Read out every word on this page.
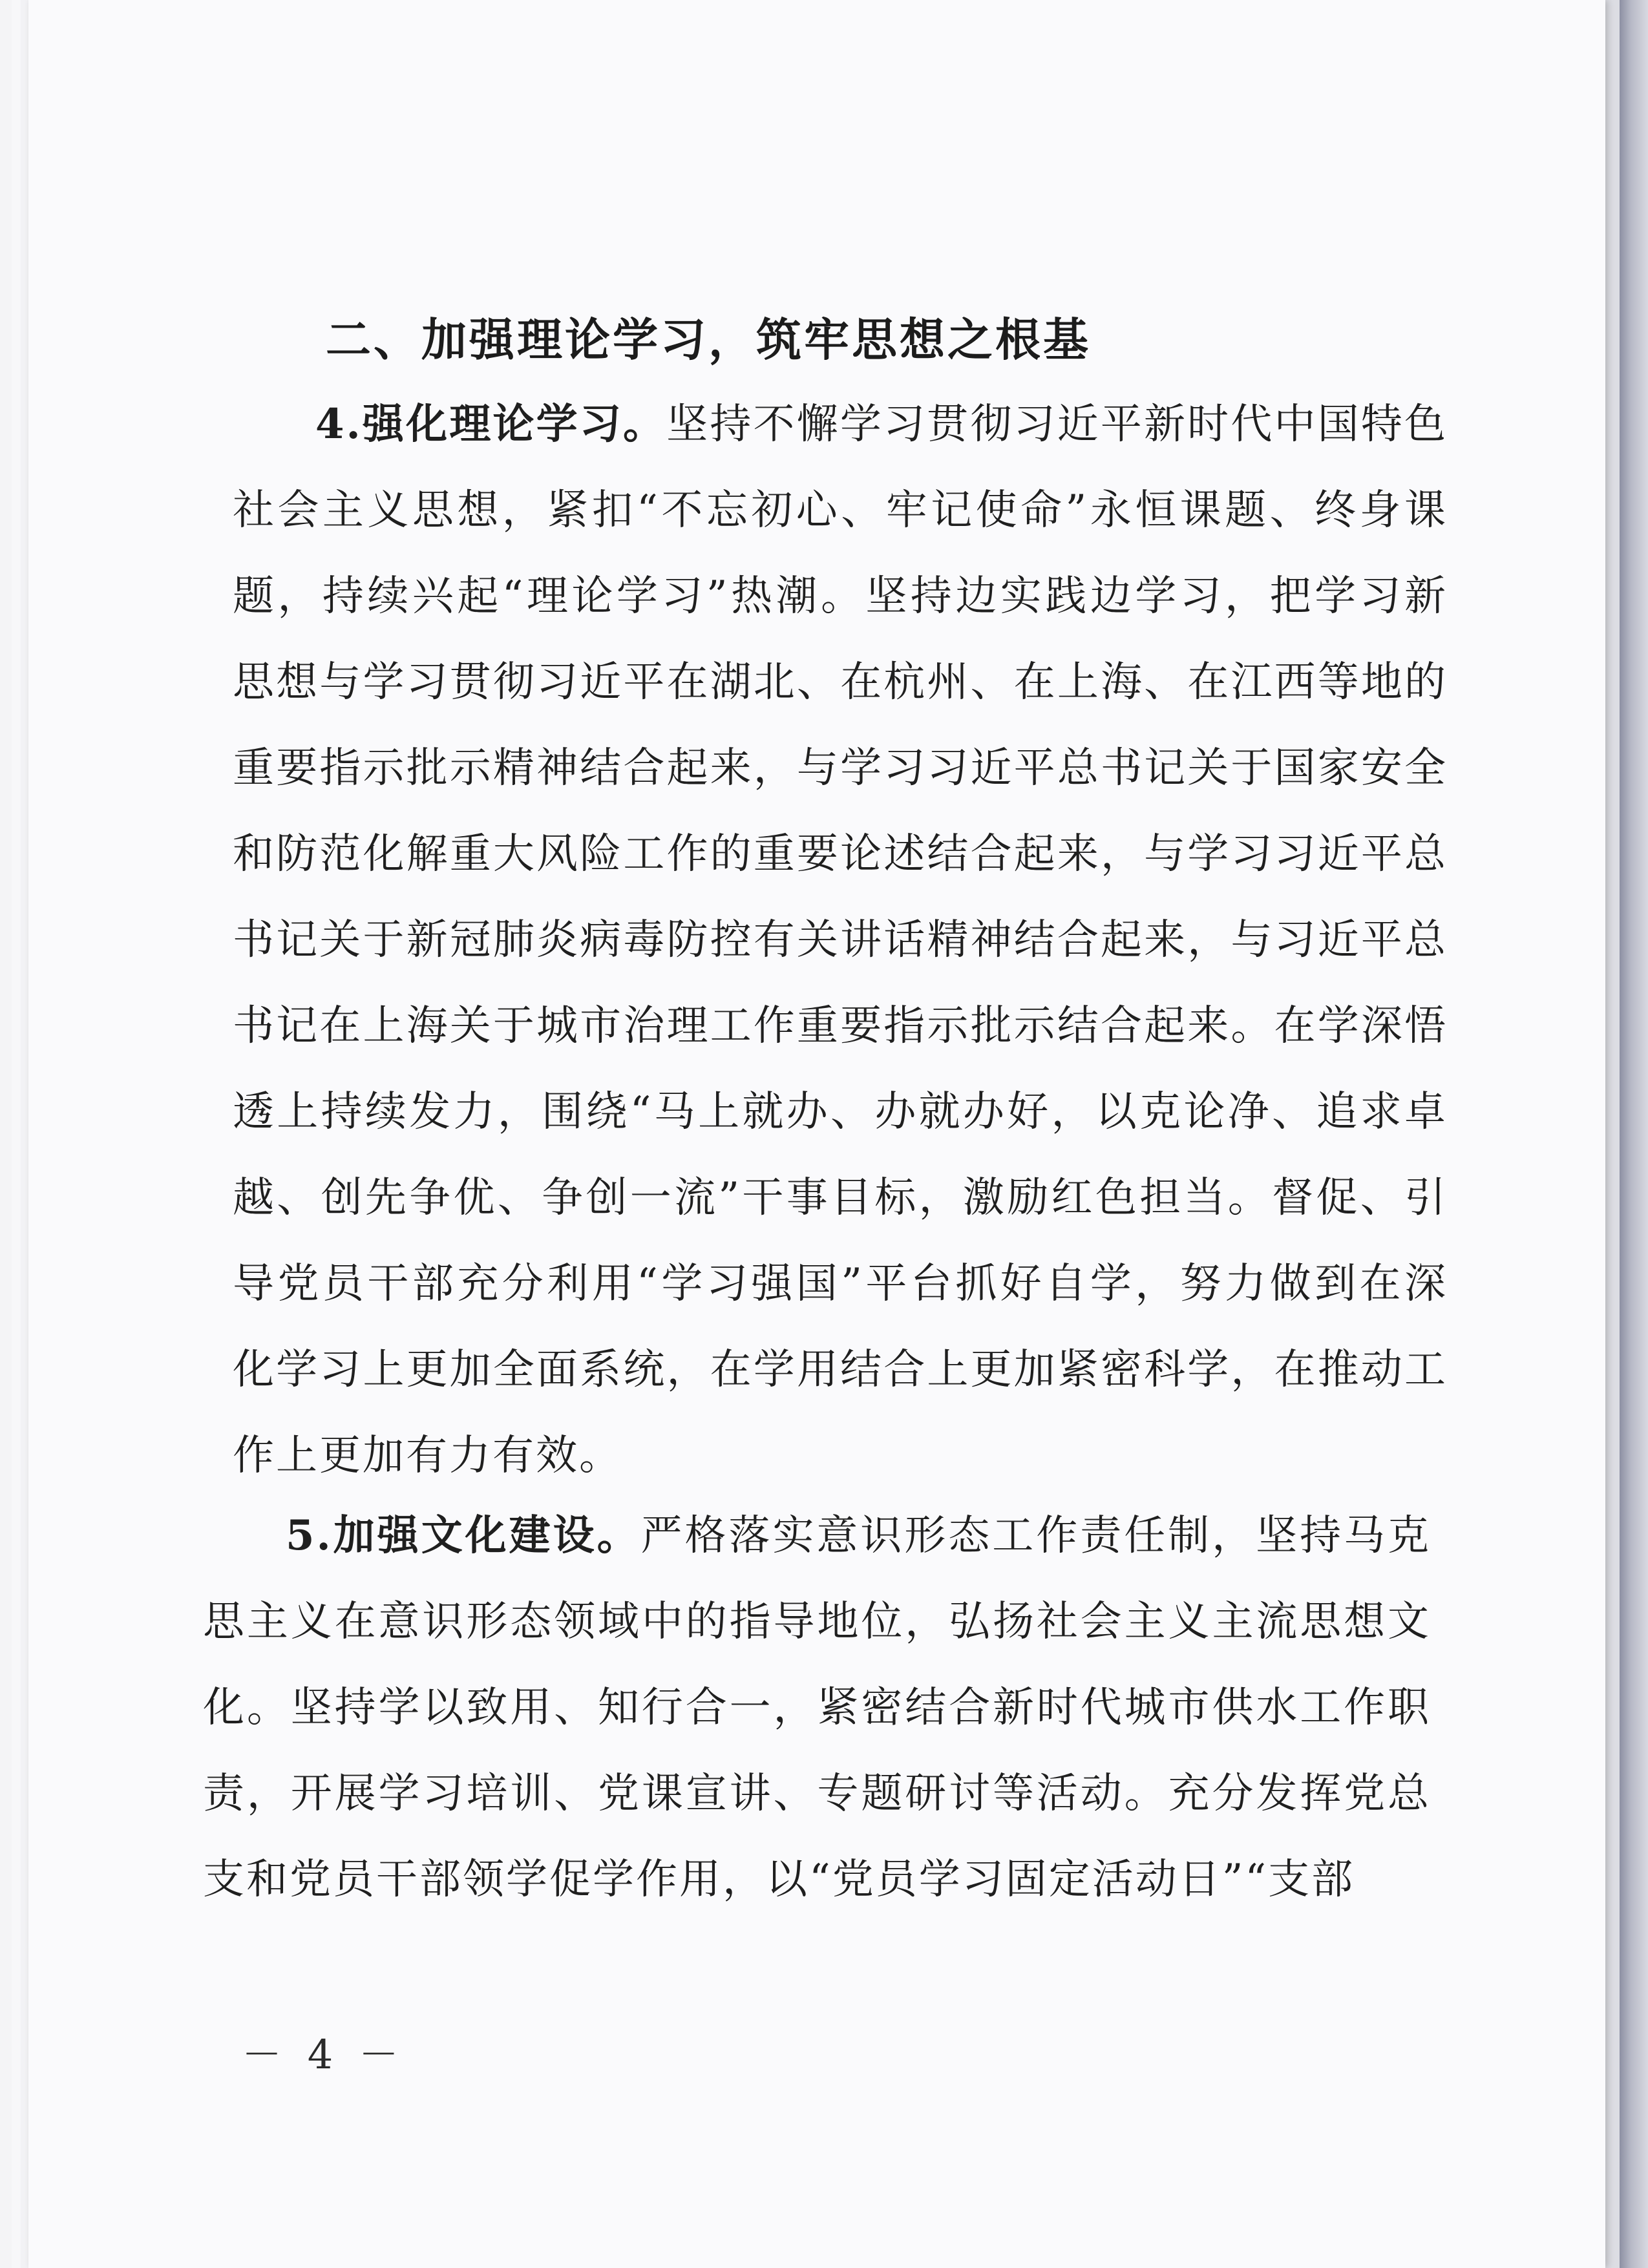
二、加强理论学习，筑牢思想之根基

4.强化理论学习。坚持不懈学习贯彻习近平新时代中国特色社会主义思想，紧扣“不忘初心、牢记使命”永恒课题、终身课题，持续兴起“理论学习”热潮。坚持边实践边学习，把学习新思想与学习贯彻习近平在湖北、在杭州、在上海、在江西等地的重要指示批示精神结合起来，与学习习近平总书记关于国家安全和防范化解重大风险工作的重要论述结合起来，与学习习近平总书记关于新冠肺炎病毒防控有关讲话精神结合起来，与习近平总书记在上海关于城市治理工作重要指示批示结合起来。在学深悟透上持续发力，围绕“马上就办、办就办好，以克论净、追求卓越、创先争优、争创一流”干事目标，激励红色担当。督促、引导党员干部充分利用“学习强国”平台抓好自学，努力做到在深化学习上更加全面系统，在学用结合上更加紧密科学，在推动工作上更加有力有效。

5.加强文化建设。严格落实意识形态工作责任制，坚持马克思主义在意识形态领域中的指导地位，弘扬社会主义主流思想文化。坚持学以致用、知行合一，紧密结合新时代城市供水工作职责，开展学习培训、党课宣讲、专题研讨等活动。充分发挥党总支和党员干部领学促学作用，以“党员学习固定活动日”“支部

－ 4 －
